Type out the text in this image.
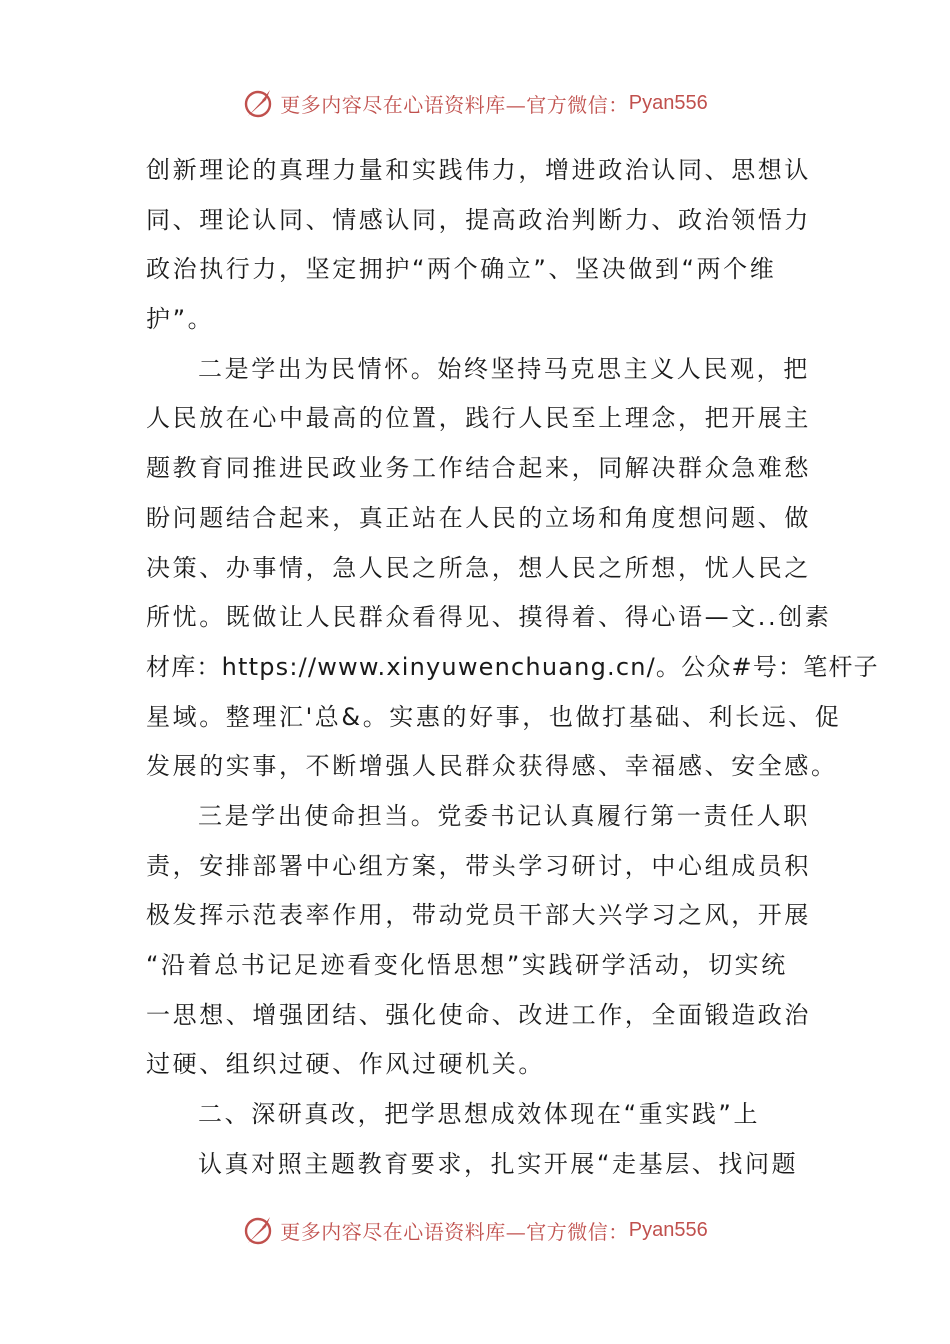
更多内容尽在心语资料库—官方微信： Pyan556
创新理论的真理力量和实践伟力，增进政治认同、思想认
同、理论认同、情感认同，提高政治判断力、政治领悟力
政治执行力，坚定拥护“两个确立”、坚决做到“两个维
护”。
二是学出为民情怀。始终坚持马克思主义人民观，把
人民放在心中最高的位置，践行人民至上理念，把开展主
题教育同推进民政业务工作结合起来，同解决群众急难愁
盼问题结合起来，真正站在人民的立场和角度想问题、做
决策、办事情，急人民之所急，想人民之所想，忧人民之
所忧。既做让人民群众看得见、摸得着、得心语—文..创素
材库：https://www.xinyuwenchuang.cn/。公众#号：笔杆子
星域。整理汇'总&。实惠的好事，也做打基础、利长远、促
发展的实事，不断增强人民群众获得感、幸福感、安全感。
三是学出使命担当。党委书记认真履行第一责任人职
责，安排部署中心组方案，带头学习研讨，中心组成员积
极发挥示范表率作用，带动党员干部大兴学习之风，开展
“沿着总书记足迹看变化悟思想”实践研学活动，切实统
一思想、增强团结、强化使命、改进工作，全面锻造政治
过硬、组织过硬、作风过硬机关。
二、深研真改，把学思想成效体现在“重实践”上
认真对照主题教育要求，扎实开展“走基层、找问题
更多内容尽在心语资料库—官方微信： Pyan556
